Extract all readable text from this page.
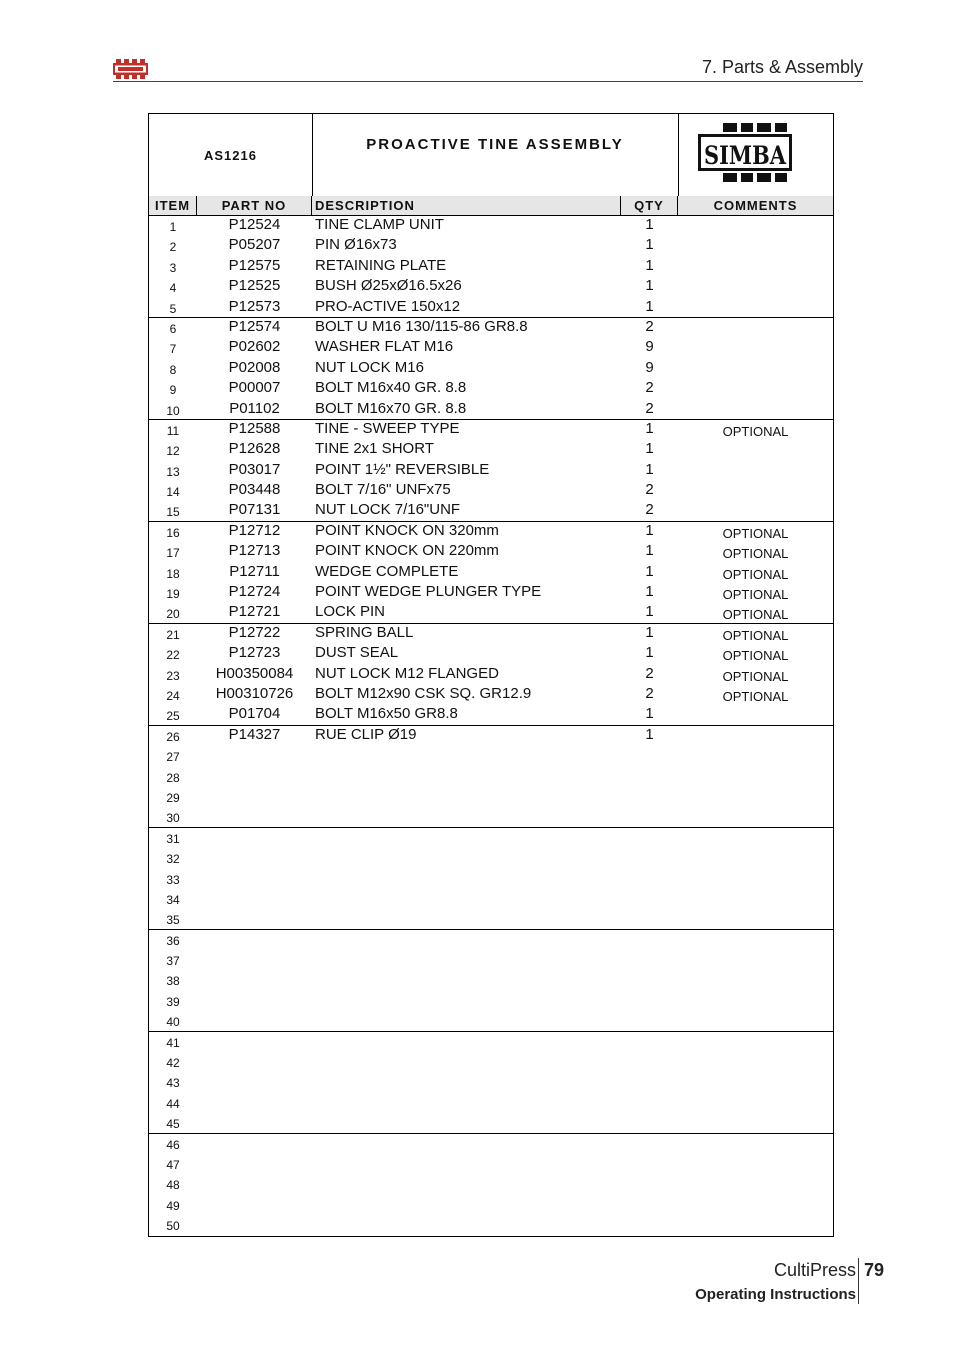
7. Parts & Assembly
AS1216
PROACTIVE TINE ASSEMBLY	SIMBA
ITEM	PART NO	DESCRIPTION	QTY	COMMENTS
1	P12524	TINE CLAMP UNIT	1
2	P05207	PIN Ø16x73	1
3	P12575	RETAINING PLATE	1
4	P12525	BUSH Ø25xØ16.5x26	1
5	P12573	PRO-ACTIVE 150x12	1
6	P12574	BOLT U M16 130/115-86 GR8.8	2
7	P02602	WASHER FLAT M16	9
8	P02008	NUT LOCK M16	9
9	P00007	BOLT M16x40 GR. 8.8	2
10	P01102	BOLT M16x70 GR. 8.8	2
11	P12588	TINE - SWEEP TYPE	1	OPTIONAL
12	P12628	TINE 2x1 SHORT	1
13	P03017	POINT 1½" REVERSIBLE	1
14	P03448	BOLT 7/16" UNFx75	2
15	P07131	NUT LOCK 7/16"UNF	2
16	P12712	POINT KNOCK ON 320mm	1	OPTIONAL
17	P12713	POINT KNOCK ON 220mm	1	OPTIONAL
18	P12711	WEDGE COMPLETE	1	OPTIONAL
19	P12724	POINT WEDGE PLUNGER TYPE	1	OPTIONAL
20	P12721	LOCK PIN	1	OPTIONAL
21	P12722	SPRING BALL	1	OPTIONAL
22	P12723	DUST SEAL	1	OPTIONAL
23	H00350084	NUT LOCK M12 FLANGED	2	OPTIONAL
24	H00310726	BOLT M12x90 CSK SQ. GR12.9	2	OPTIONAL
25	P01704	BOLT M16x50 GR8.8	1
26	P14327	RUE CLIP Ø19	1
27
28
29
30
31
32
33
34
35
36
37
38
39
40
41
42
43
44
45
46
47
48
49
50
CultiPress 79
Operating Instructions
